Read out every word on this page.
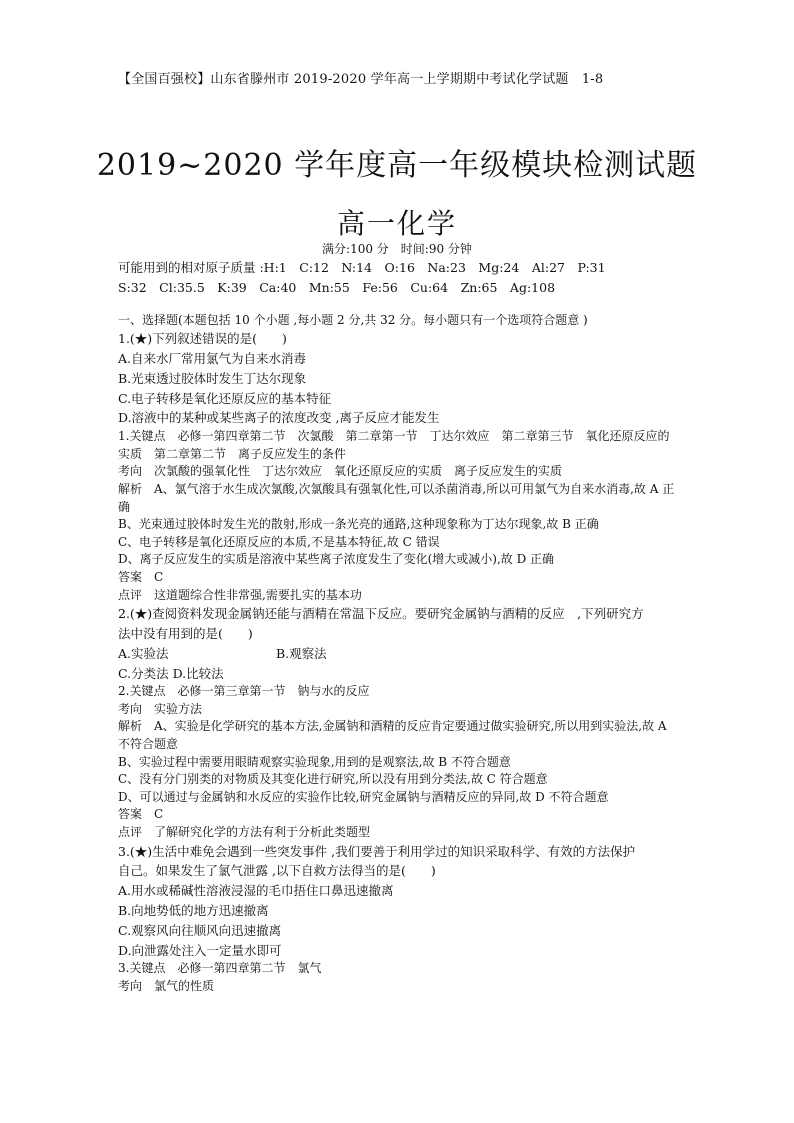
【全国百强校】山东省滕州市 2019-2020 学年高一上学期期中考试化学试题　1-8
2019~2020 学年度高一年级模块检测试题
高一化学
满分:100 分　时间:90 分钟
可能用到的相对原子质量 :H:1　C:12　N:14　O:16　Na:23　Mg:24　Al:27　P:31
S:32　Cl:35.5　K:39　Ca:40　Mn:55　Fe:56　Cu:64　Zn:65　Ag:108
一、选择题(本题包括 10 个小题 ,每小题 2 分,共 32 分。每小题只有一个选项符合题意 )
1.(★)下列叙述错误的是(　　)
A.自来水厂常用氯气为自来水消毒
B.光束透过胶体时发生丁达尔现象
C.电子转移是氧化还原反应的基本特征
D.溶液中的某种或某些离子的浓度改变 ,离子反应才能发生
1.关键点　必修一第四章第二节　次氯酸　第二章第一节　丁达尔效应　第二章第三节　氧化还原反应的
实质　第二章第二节　离子反应发生的条件
考向　次氯酸的强氧化性　丁达尔效应　氧化还原反应的实质　离子反应发生的实质
解析　A、氯气溶于水生成次氯酸,次氯酸具有强氧化性,可以杀菌消毒,所以可用氯气为自来水消毒,故 A 正
确
B、光束通过胶体时发生光的散射,形成一条光亮的通路,这种现象称为丁达尔现象,故 B 正确
C、电子转移是氧化还原反应的本质,不是基本特征,故 C 错误
D、离子反应发生的实质是溶液中某些离子浓度发生了变化(增大或减小),故 D 正确
答案　C
点评　这道题综合性非常强,需要扎实的基本功
2.(★)查阅资料发现金属钠还能与酒精在常温下反应。要研究金属钠与酒精的反应　,下列研究方
法中没有用到的是(　　)
A.实验法	B.观察法
C.分类法 D.比较法
2.关键点　必修一第三章第一节　钠与水的反应
考向　实验方法
解析　A、实验是化学研究的基本方法,金属钠和酒精的反应肯定要通过做实验研究,所以用到实验法,故 A
不符合题意
B、实验过程中需要用眼睛观察实验现象,用到的是观察法,故 B 不符合题意
C、没有分门别类的对物质及其变化进行研究,所以没有用到分类法,故 C 符合题意
D、可以通过与金属钠和水反应的实验作比较,研究金属钠与酒精反应的异同,故 D 不符合题意
答案　C
点评　了解研究化学的方法有利于分析此类题型
3.(★)生活中难免会遇到一些突发事件 ,我们要善于利用学过的知识采取科学、有效的方法保护
自己。如果发生了氯气泄露 ,以下自救方法得当的是(　　)
A.用水或稀碱性溶液浸湿的毛巾捂住口鼻迅速撤离
B.向地势低的地方迅速撤离
C.观察风向往顺风向迅速撤离
D.向泄露处注入一定量水即可
3.关键点　必修一第四章第二节　氯气
考向　氯气的性质
